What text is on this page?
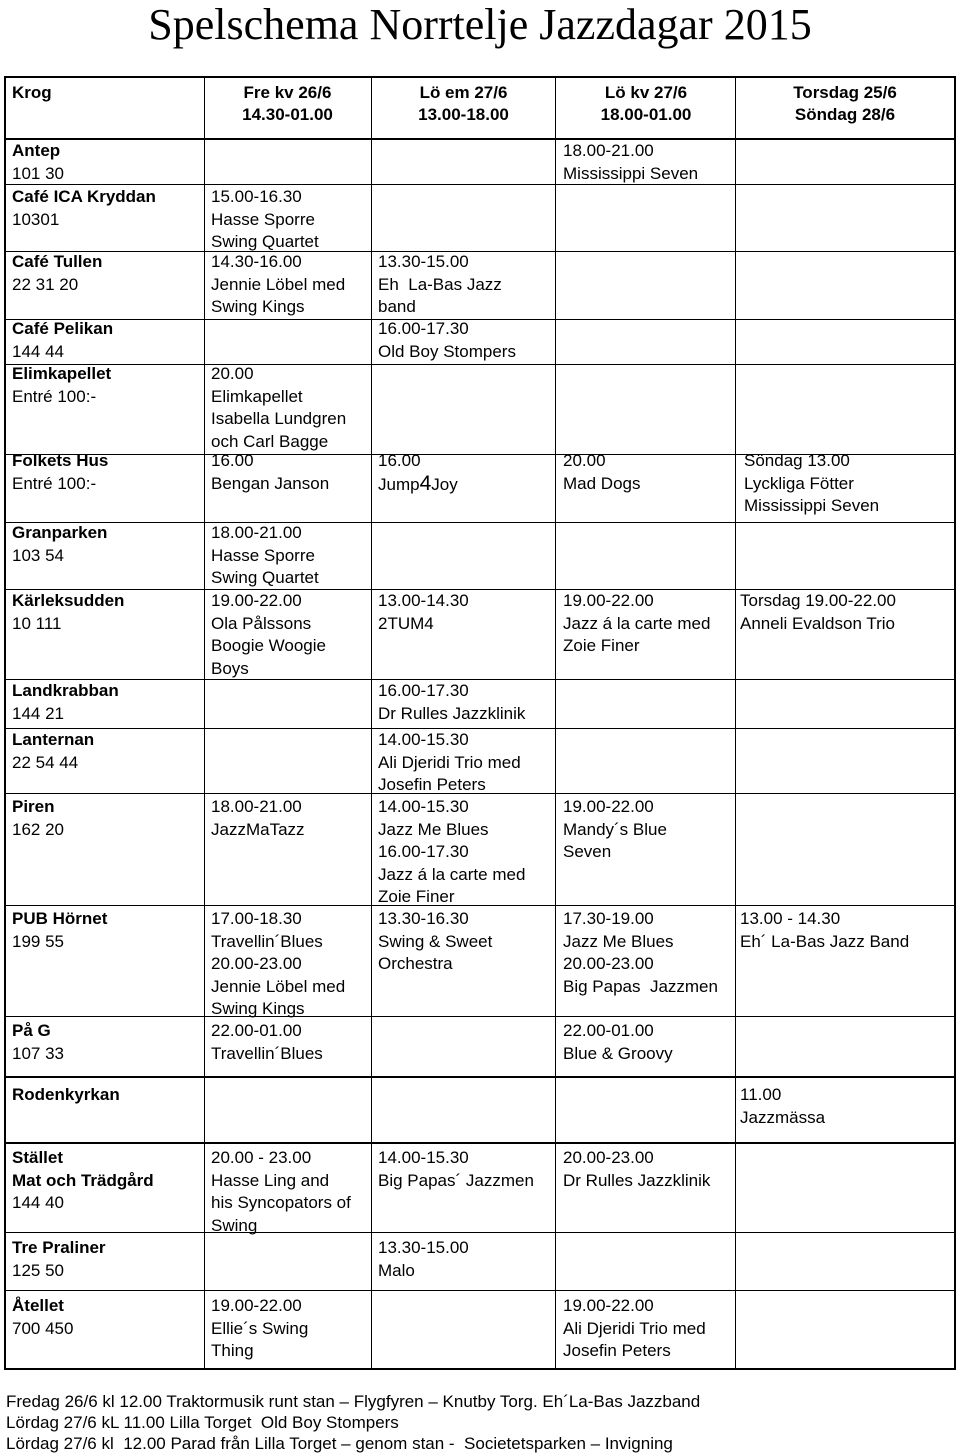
Spelschema Norrtelje Jazzdagar 2015
Krog	Fre kv 26/6
14.30-01.00
Lö em 27/6
13.00-18.00
Lö kv 27/6
18.00-01.00
Torsdag 25/6
Söndag 28/6
Antep
101 30
Café ICA Kryddan
10301
Café Tullen
22 31 20
Café Pelikan
144 44
Elimkapellet
Entré 100:-
Folkets Hus
Entré 100:-
Granparken
103 54
Kärleksudden
10 111
Landkrabban
144 21
Lanternan
22 54 44
Piren
162 20
PUB Hörnet
199 55
På G
107 33
Rodenkyrkan
Stället
Mat och Trädgård
144 40
Tre Praliner
125 50
Åtellet
700 450
18.00-21.00
Mississippi Seven
15.00-16.30
Hasse Sporre
Swing Quartet
14.30-16.00
Jennie Löbel med
Swing Kings
13.30-15.00
Eh  La-Bas Jazz
band
16.00-17.30
Old Boy Stompers
20.00
Elimkapellet
Isabella Lundgren
och Carl Bagge
16.00
Bengan Janson
16.00
Jump4Joy
20.00
Mad Dogs
Söndag 13.00
Lyckliga Fötter
Mississippi Seven
18.00-21.00
Hasse Sporre
Swing Quartet
19.00-22.00
Ola Pålssons
Boogie Woogie
Boys
13.00-14.30
2TUM4
19.00-22.00
Jazz á la carte med
Zoie Finer
Torsdag 19.00-22.00
Anneli Evaldson Trio
16.00-17.30
Dr Rulles Jazzklinik
14.00-15.30
Ali Djeridi Trio med
Josefin Peters
18.00-21.00
JazzMaTazz
14.00-15.30
Jazz Me Blues
16.00-17.30
Jazz á la carte med
Zoie Finer
19.00-22.00
Mandy´s Blue
Seven
17.00-18.30
Travellin´Blues
20.00-23.00
Jennie Löbel med
Swing Kings
13.30-16.30
Swing & Sweet
Orchestra
17.30-19.00
Jazz Me Blues
20.00-23.00
Big Papas  Jazzmen
13.00 - 14.30
Eh´ La-Bas Jazz Band
22.00-01.00
Travellin´Blues
22.00-01.00
Blue & Groovy
11.00
Jazzmässa
20.00 - 23.00
Hasse Ling and
his Syncopators of
Swing
14.00-15.30
Big Papas´ Jazzmen
20.00-23.00
Dr Rulles Jazzklinik
13.30-15.00
Malo
19.00-22.00
Ellie´s Swing
Thing
19.00-22.00
Ali Djeridi Trio med
Josefin Peters
Fredag 26/6 kl 12.00 Traktormusik runt stan – Flygfyren – Knutby Torg. Eh´La-Bas Jazzband
Lördag 27/6 kL 11.00 Lilla Torget  Old Boy Stompers
Lördag 27/6 kl  12.00 Parad från Lilla Torget – genom stan -  Societetsparken – Invigning
